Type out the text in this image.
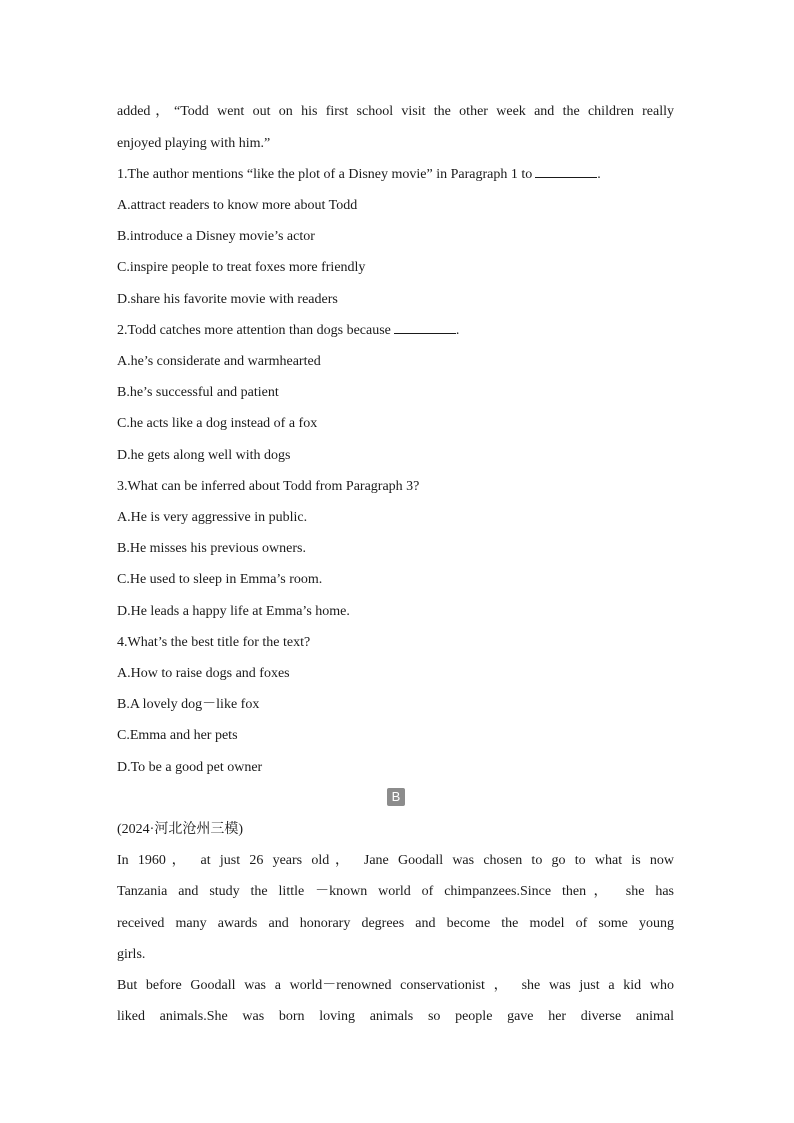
added，“Todd went out on his first school visit the other week and the children really
enjoyed playing with him.”
1.The author mentions “like the plot of a Disney movie” in Paragraph 1 to	.
A.attract readers to know more about Todd
B.introduce a Disney movie’s actor
C.inspire people to treat foxes more friendly
D.share his favorite movie with readers
2.Todd catches more attention than dogs because	.
A.he’s considerate and warmhearted
B.he’s successful and patient
C.he acts like a dog instead of a fox
D.he gets along well with dogs
3.What can be inferred about Todd from Paragraph 3?
A.He is very aggressive in public.
B.He misses his previous owners.
C.He used to sleep in Emma’s room.
D.He leads a happy life at Emma’s home.
4.What’s the best title for the text?
A.How to raise dogs and foxes
B.A lovely dog－like fox
C.Emma and her pets
D.To be a good pet owner
B
(2024·河北沧州三模)
In 1960， at just 26 years old， Jane Goodall was chosen to go to what is now
Tanzania and study the little －known world of chimpanzees.Since then， she has
received many awards and honorary degrees and become the model of some young
girls.
But before Goodall was a world－renowned conservationist ， she was just a kid who
liked animals.She was born loving animals so people gave her diverse animal
